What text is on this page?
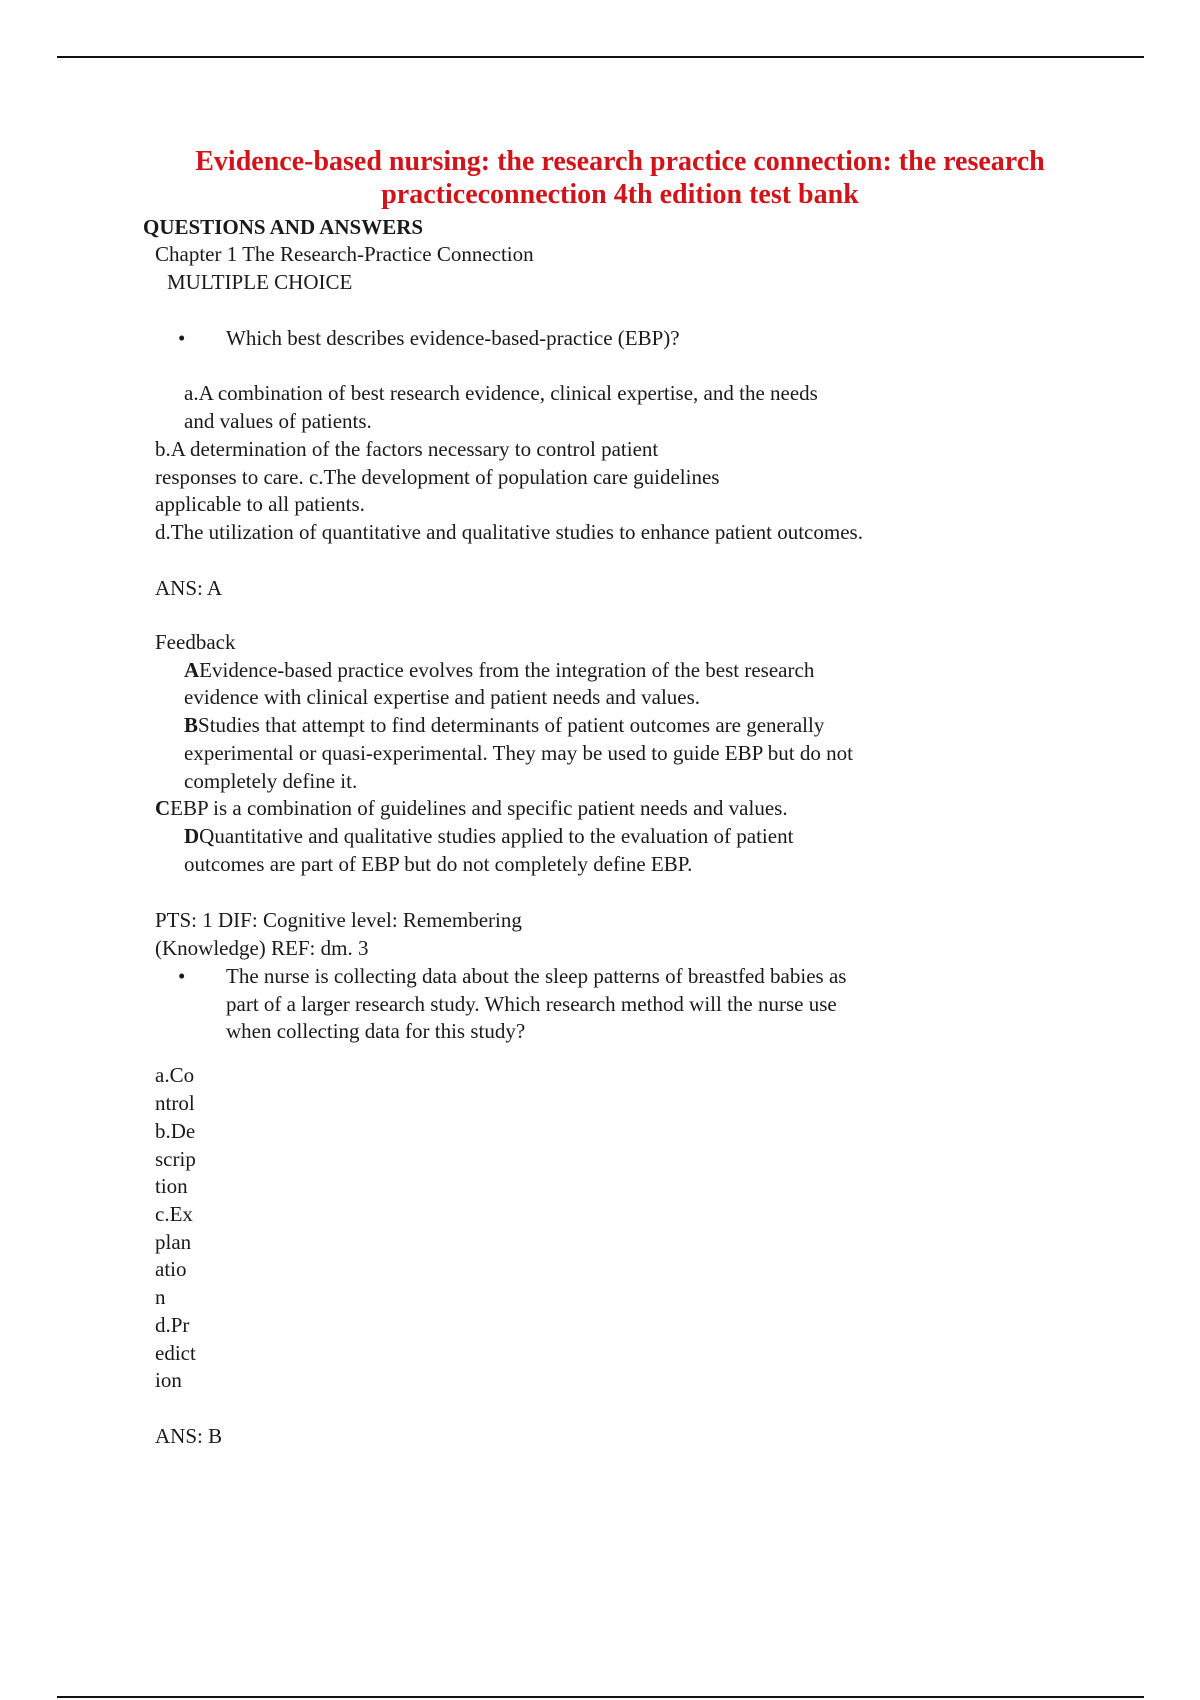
Evidence-based nursing: the research practice connection: the research
practiceconnection 4th edition test bank
QUESTIONS AND ANSWERS
Chapter 1 The Research-Practice Connection
MULTIPLE CHOICE
• Which best describes evidence-based-practice (EBP)?
a.A combination of best research evidence, clinical expertise, and the needs
and values of patients.
b.A determination of the factors necessary to control patient
responses to care. c.The development of population care guidelines
applicable to all patients.
d.The utilization of quantitative and qualitative studies to enhance patient outcomes.
ANS: A
Feedback
AEvidence-based practice evolves from the integration of the best research
evidence with clinical expertise and patient needs and values.
BStudies that attempt to find determinants of patient outcomes are generally
experimental or quasi-experimental. They may be used to guide EBP but do not
completely define it.
CEBP is a combination of guidelines and specific patient needs and values.
DQuantitative and qualitative studies applied to the evaluation of patient
outcomes are part of EBP but do not completely define EBP.
PTS: 1 DIF: Cognitive level: Remembering
(Knowledge) REF: dm. 3
• The nurse is collecting data about the sleep patterns of breastfed babies as
part of a larger research study. Which research method will the nurse use
when collecting data for this study?
a.Co
ntrol
b.De
scrip
tion
c.Ex
plan
atio
n
d.Pr
edict
ion
ANS: B
